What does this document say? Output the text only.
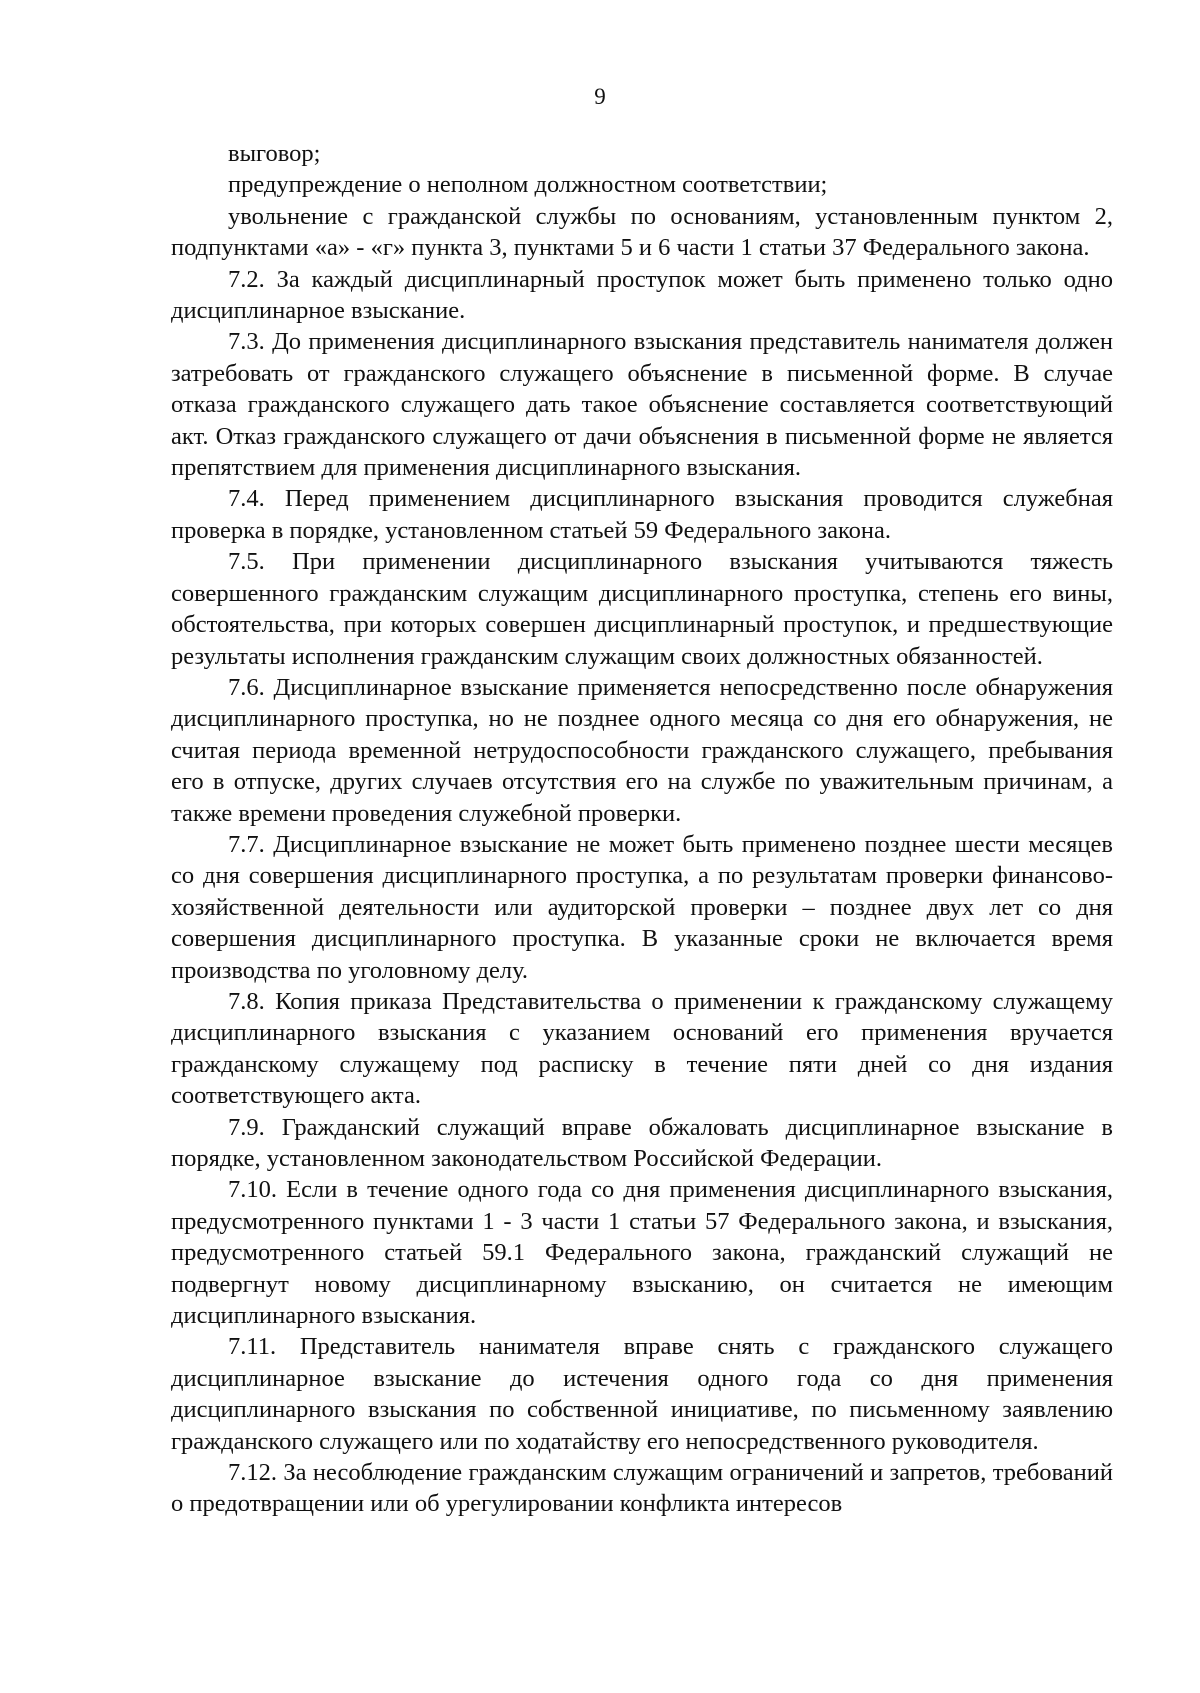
9

выговор;

предупреждение о неполном должностном соответствии;

увольнение с гражданской службы по основаниям, установленным пунктом 2, подпунктами «а» - «г» пункта 3, пунктами 5 и 6 части 1 статьи 37 Федерального закона.

7.2. За каждый дисциплинарный проступок может быть применено только одно дисциплинарное взыскание.

7.3. До применения дисциплинарного взыскания представитель нанимателя должен затребовать от гражданского служащего объяснение в письменной форме. В случае отказа гражданского служащего дать такое объяснение составляется соответствующий акт. Отказ гражданского служащего от дачи объяснения в письменной форме не является препятствием для применения дисциплинарного взыскания.

7.4. Перед применением дисциплинарного взыскания проводится служебная проверка в порядке, установленном статьей 59 Федерального закона.

7.5. При применении дисциплинарного взыскания учитываются тяжесть совершенного гражданским служащим дисциплинарного проступка, степень его вины, обстоятельства, при которых совершен дисциплинарный проступок, и предшествующие результаты исполнения гражданским служащим своих должностных обязанностей.

7.6. Дисциплинарное взыскание применяется непосредственно после обнаружения дисциплинарного проступка, но не позднее одного месяца со дня его обнаружения, не считая периода временной нетрудоспособности гражданского служащего, пребывания его в отпуске, других случаев отсутствия его на службе по уважительным причинам, а также времени проведения служебной проверки.

7.7. Дисциплинарное взыскание не может быть применено позднее шести месяцев со дня совершения дисциплинарного проступка, а по результатам проверки финансово-хозяйственной деятельности или аудиторской проверки – позднее двух лет со дня совершения дисциплинарного проступка. В указанные сроки не включается время производства по уголовному делу.

7.8. Копия приказа Представительства о применении к гражданскому служащему дисциплинарного взыскания с указанием оснований его применения вручается гражданскому служащему под расписку в течение пяти дней со дня издания соответствующего акта.

7.9. Гражданский служащий вправе обжаловать дисциплинарное взыскание в порядке, установленном законодательством Российской Федерации.

7.10. Если в течение одного года со дня применения дисциплинарного взыскания, предусмотренного пунктами 1 - 3 части 1 статьи 57 Федерального закона, и взыскания, предусмотренного статьей 59.1 Федерального закона, гражданский служащий не подвергнут новому дисциплинарному взысканию, он считается не имеющим дисциплинарного взыскания.

7.11. Представитель нанимателя вправе снять с гражданского служащего дисциплинарное взыскание до истечения одного года со дня применения дисциплинарного взыскания по собственной инициативе, по письменному заявлению гражданского служащего или по ходатайству его непосредственного руководителя.

7.12. За несоблюдение гражданским служащим ограничений и запретов, требований о предотвращении или об урегулировании конфликта интересов
